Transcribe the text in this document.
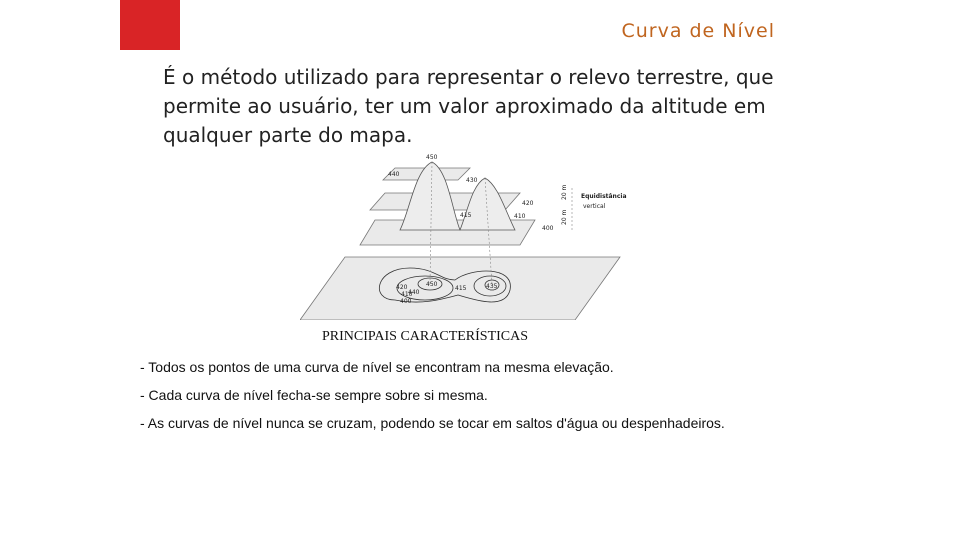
Curva de Nível
É o método utilizado para representar o relevo terrestre, que permite ao usuário, ter um valor aproximado da altitude em qualquer parte do mapa.
450
440
430
420
410
400
415
Equidistância
vertical
20 m
20 m
450
440
420
410
400
415	435
PRINCIPAIS CARACTERÍSTICAS
- Todos os pontos de uma curva de nível se encontram na mesma elevação.
- Cada curva de nível fecha-se sempre sobre si mesma.
- As curvas de nível nunca se cruzam, podendo se tocar em saltos d'água ou despenhadeiros.
